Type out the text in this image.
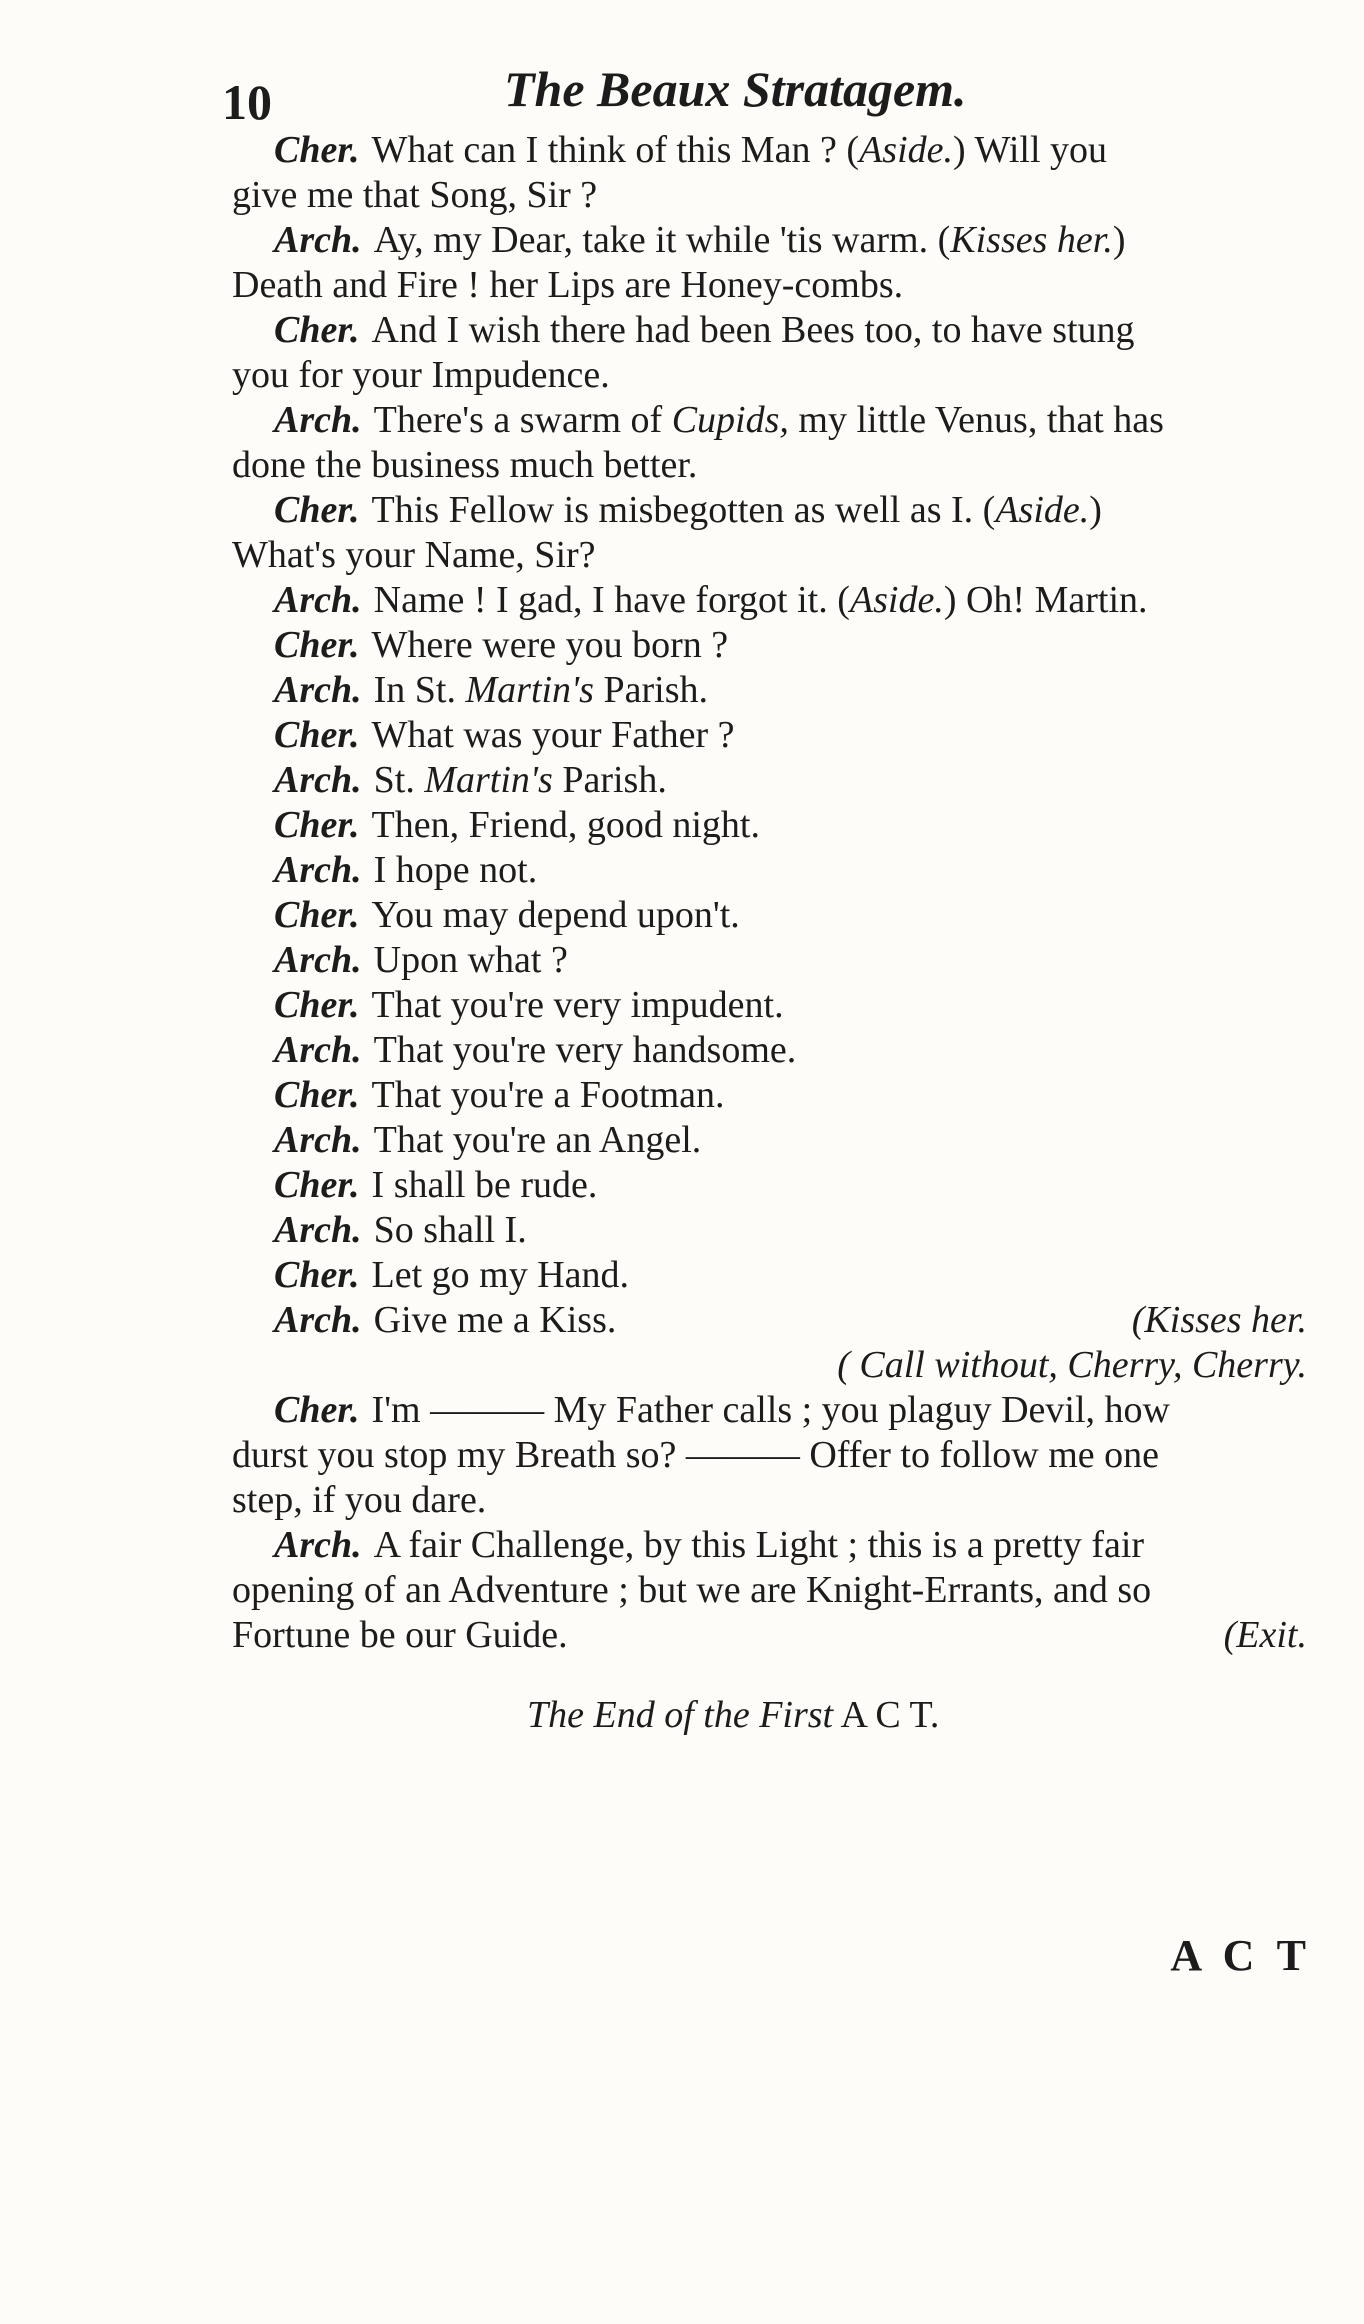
10	The Beaux Stratagem.
Cher. What can I think of this Man ? (Aside.) Will you
give me that Song, Sir ?
Arch. Ay, my Dear, take it while 'tis warm. (Kisses her.)
Death and Fire ! her Lips are Honey-combs.
Cher. And I wish there had been Bees too, to have stung
you for your Impudence.
Arch. There's a swarm of Cupids, my little Venus, that has
done the business much better.
Cher. This Fellow is misbegotten as well as I. (Aside.)
What's your Name, Sir?
Arch. Name ! I gad, I have forgot it. (Aside.) Oh! Martin.
Cher. Where were you born ?
Arch. In St. Martin's Parish.
Cher. What was your Father ?
Arch. St. Martin's Parish.
Cher. Then, Friend, good night.
Arch. I hope not.
Cher. You may depend upon't.
Arch. Upon what ?
Cher. That you're very impudent.
Arch. That you're very handsome.
Cher. That you're a Footman.
Arch. That you're an Angel.
Cher. I shall be rude.
Arch. So shall I.
Cher. Let go my Hand.
Arch. Give me a Kiss.	(Kisses her.
( Call without, Cherry, Cherry.
Cher. I'm ——— My Father calls ; you plaguy Devil, how
durst you stop my Breath so? ——— Offer to follow me one
step, if you dare.
Arch. A fair Challenge, by this Light ; this is a pretty fair
opening of an Adventure ; but we are Knight-Errants, and so
Fortune be our Guide.	(Exit.
The End of the First A C T.
A C T
